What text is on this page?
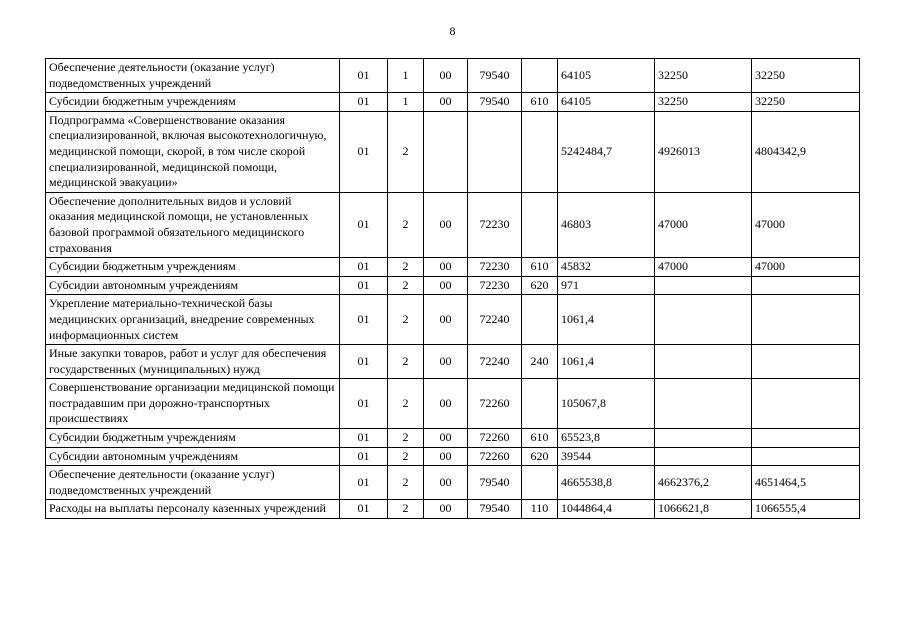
8
Обеспечение деятельности (оказание услуг) подведомственных учреждений	01	1	00	79540		64105	32250	32250
Субсидии бюджетным учреждениям	01	1	00	79540	610	64105	32250	32250
Подпрограмма «Совершенствование оказания специализированной, включая высокотехнологичную, медицинской помощи, скорой, в том числе скорой специализированной, медицинской помощи, медицинской эвакуации»	01	2				5242484,7	4926013	4804342,9
Обеспечение дополнительных видов и условий оказания медицинской помощи, не установленных базовой программой обязательного медицинского страхования	01	2	00	72230		46803	47000	47000
Субсидии бюджетным учреждениям	01	2	00	72230	610	45832	47000	47000
Субсидии автономным учреждениям	01	2	00	72230	620	971		
Укрепление материально-технической базы медицинских организаций, внедрение современных информационных систем	01	2	00	72240		1061,4		
Иные закупки товаров, работ и услуг для обеспечения государственных (муниципальных) нужд	01	2	00	72240	240	1061,4		
Совершенствование организации медицинской помощи пострадавшим при дорожно-транспортных происшествиях	01	2	00	72260		105067,8		
Субсидии бюджетным учреждениям	01	2	00	72260	610	65523,8		
Субсидии автономным учреждениям	01	2	00	72260	620	39544		
Обеспечение деятельности (оказание услуг) подведомственных учреждений	01	2	00	79540		4665538,8	4662376,2	4651464,5
Расходы на выплаты персоналу казенных учреждений	01	2	00	79540	110	1044864,4	1066621,8	1066555,4
